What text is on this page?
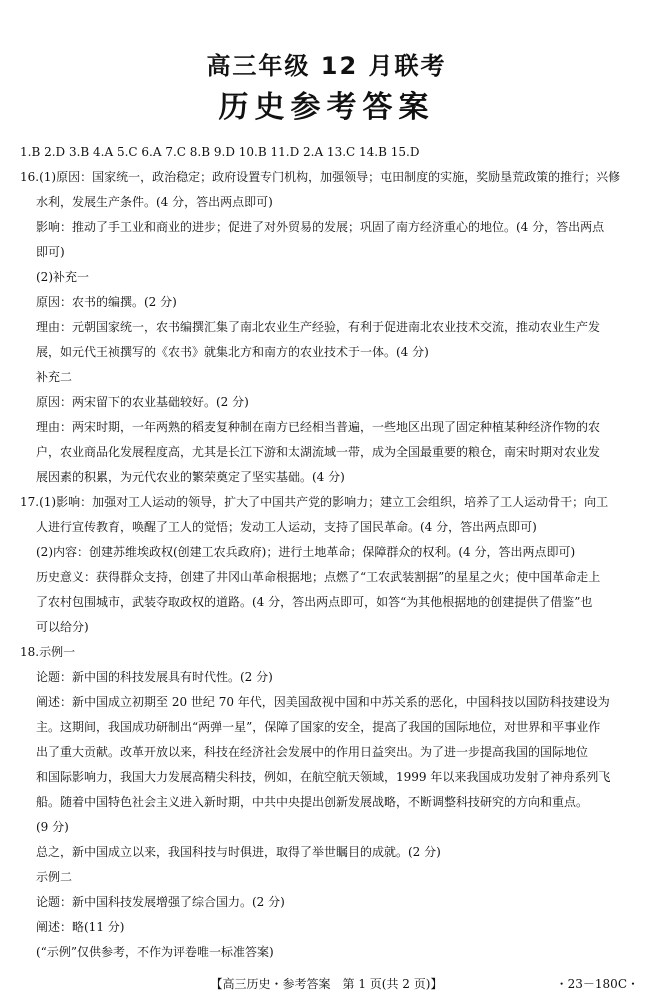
高三年级 12 月联考
历史参考答案

1.B 2.D 3.B 4.A 5.C 6.A 7.C 8.B 9.D 10.B 11.D 2.A 13.C 14.B 15.D

16.(1)原因：国家统一，政治稳定；政府设置专门机构，加强领导；屯田制度的实施，奖励垦荒政策的推行；兴修

水利，发展生产条件。(4 分，答出两点即可)

影响：推动了手工业和商业的进步；促进了对外贸易的发展；巩固了南方经济重心的地位。(4 分，答出两点

即可)

(2)补充一

原因：农书的编撰。(2 分)

理由：元朝国家统一，农书编撰汇集了南北农业生产经验，有利于促进南北农业技术交流，推动农业生产发

展，如元代王祯撰写的《农书》就集北方和南方的农业技术于一体。(4 分)

补充二

原因：两宋留下的农业基础较好。(2 分)

理由：两宋时期，一年两熟的稻麦复种制在南方已经相当普遍，一些地区出现了固定种植某种经济作物的农

户，农业商品化发展程度高，尤其是长江下游和太湖流域一带，成为全国最重要的粮仓，南宋时期对农业发

展因素的积累，为元代农业的繁荣奠定了坚实基础。(4 分)

17.(1)影响：加强对工人运动的领导，扩大了中国共产党的影响力；建立工会组织，培养了工人运动骨干；向工

人进行宣传教育，唤醒了工人的觉悟；发动工人运动，支持了国民革命。(4 分，答出两点即可)

(2)内容：创建苏维埃政权(创建工农兵政府)；进行土地革命；保障群众的权利。(4 分，答出两点即可)

历史意义：获得群众支持，创建了井冈山革命根据地；点燃了“工农武装割据”的星星之火；使中国革命走上

了农村包围城市，武装夺取政权的道路。(4 分，答出两点即可，如答“为其他根据地的创建提供了借鉴”也

可以给分)

18.示例一

论题：新中国的科技发展具有时代性。(2 分)

阐述：新中国成立初期至 20 世纪 70 年代，因美国敌视中国和中苏关系的恶化，中国科技以国防科技建设为

主。这期间，我国成功研制出“两弹一星”，保障了国家的安全，提高了我国的国际地位，对世界和平事业作

出了重大贡献。改革开放以来，科技在经济社会发展中的作用日益突出。为了进一步提高我国的国际地位

和国际影响力，我国大力发展高精尖科技，例如，在航空航天领域，1999 年以来我国成功发射了神舟系列飞

船。随着中国特色社会主义进入新时期，中共中央提出创新发展战略，不断调整科技研究的方向和重点。

(9 分)

总之，新中国成立以来，我国科技与时俱进，取得了举世瞩目的成就。(2 分)

示例二

论题：新中国科技发展增强了综合国力。(2 分)

阐述：略(11 分)

(“示例”仅供参考，不作为评卷唯一标准答案)

【高三历史・参考答案　第 1 页(共 2 页)】	・23－180C・
